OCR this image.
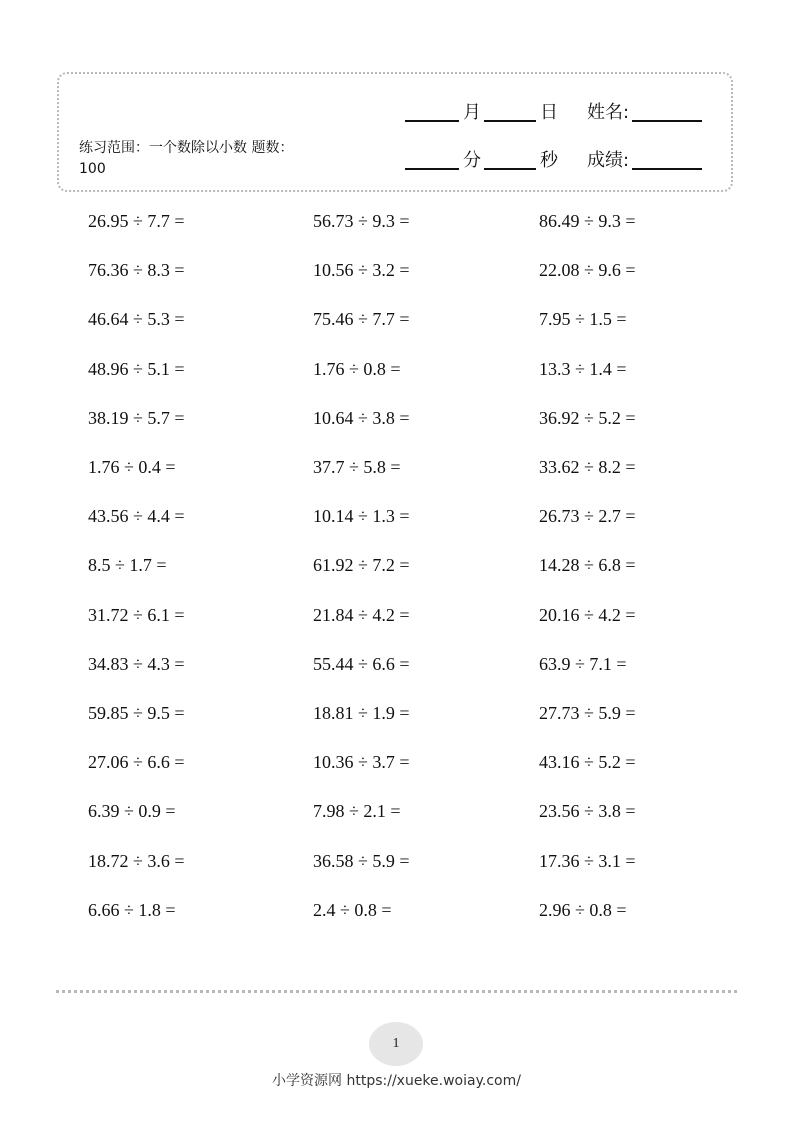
练习范围：一个数除以小数 题数：100
月	日 姓名:
分	秒 成绩:
26.95 ÷ 7.7 =	56.73 ÷ 9.3 =	86.49 ÷ 9.3 =
76.36 ÷ 8.3 =	10.56 ÷ 3.2 =	22.08 ÷ 9.6 =
46.64 ÷ 5.3 =	75.46 ÷ 7.7 =	7.95 ÷ 1.5 =
48.96 ÷ 5.1 =	1.76 ÷ 0.8 =	13.3 ÷ 1.4 =
38.19 ÷ 5.7 =	10.64 ÷ 3.8 =	36.92 ÷ 5.2 =
1.76 ÷ 0.4 =	37.7 ÷ 5.8 =	33.62 ÷ 8.2 =
43.56 ÷ 4.4 =	10.14 ÷ 1.3 =	26.73 ÷ 2.7 =
8.5 ÷ 1.7 =	61.92 ÷ 7.2 =	14.28 ÷ 6.8 =
31.72 ÷ 6.1 =	21.84 ÷ 4.2 =	20.16 ÷ 4.2 =
34.83 ÷ 4.3 =	55.44 ÷ 6.6 =	63.9 ÷ 7.1 =
59.85 ÷ 9.5 =	18.81 ÷ 1.9 =	27.73 ÷ 5.9 =
27.06 ÷ 6.6 =	10.36 ÷ 3.7 =	43.16 ÷ 5.2 =
6.39 ÷ 0.9 =	7.98 ÷ 2.1 =	23.56 ÷ 3.8 =
18.72 ÷ 3.6 =	36.58 ÷ 5.9 =	17.36 ÷ 3.1 =
6.66 ÷ 1.8 =	2.4 ÷ 0.8 =	2.96 ÷ 0.8 =
1
小学资源网 https://xueke.woiay.com/
